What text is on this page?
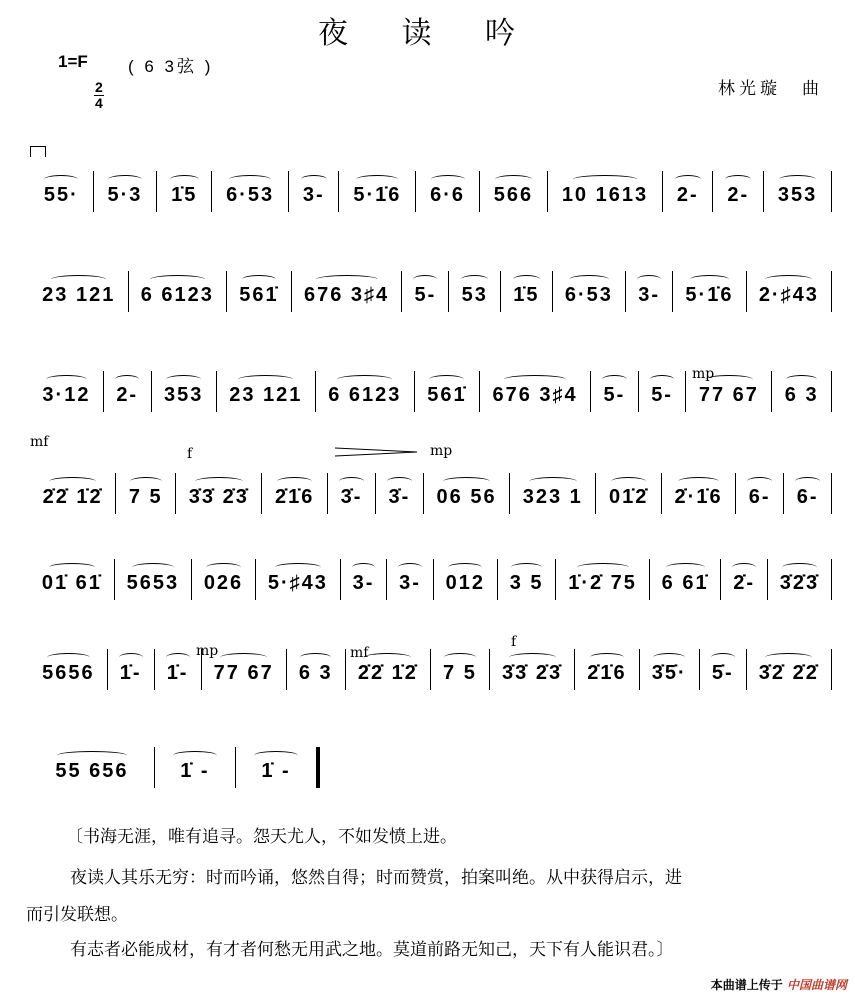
夜 读 吟
1=F ( 6 3弦 )
2
4
林光璇　曲
55·	5·3	1̇5	6·53	3-	5·1̇6	6·6	566	10 1613	2-	2-	353
23 121	6 6123	561̇	676 3♯4	5-	53	1̇5	6·53	3-	5·1̇6	2·♯43
3·12	2-	353	23 121	6 6123	561̇	676 3♯4	5-	5-	77 67	6 3
2̇2̇ 1̇2̇	7 5	3̇3̇ 2̇3̇	2̇1̇6	3̇-	3̇-	06 56	323 1	01̇2̇	2̇·1̇6	6-	6-
01̇ 61̇	5653	026	5·♯43	3-	3-	012	3 5	1̇·2̇ 75	6 61̇	2̇-	3̇2̇3̇
5656	1̇-	1̇-	77 67	6 3	2̇2̇ 1̇2̇	7 5	3̇3̇ 2̇3̇	2̇1̇6	3̇5̇·	5̇-	3̇2̇ 2̇2̇
55 656	1̇ -	1̇ -
mp
mf
f	mp
mp	mf
f
〔书海无涯，唯有追寻。怨天尤人，不如发愤上进。
夜读人其乐无穷：时而吟诵，悠然自得；时而赞赏，拍案叫绝。从中获得启示，进
而引发联想。
有志者必能成材，有才者何愁无用武之地。莫道前路无知己，天下有人能识君。〕
本曲谱上传于 中国曲谱网
